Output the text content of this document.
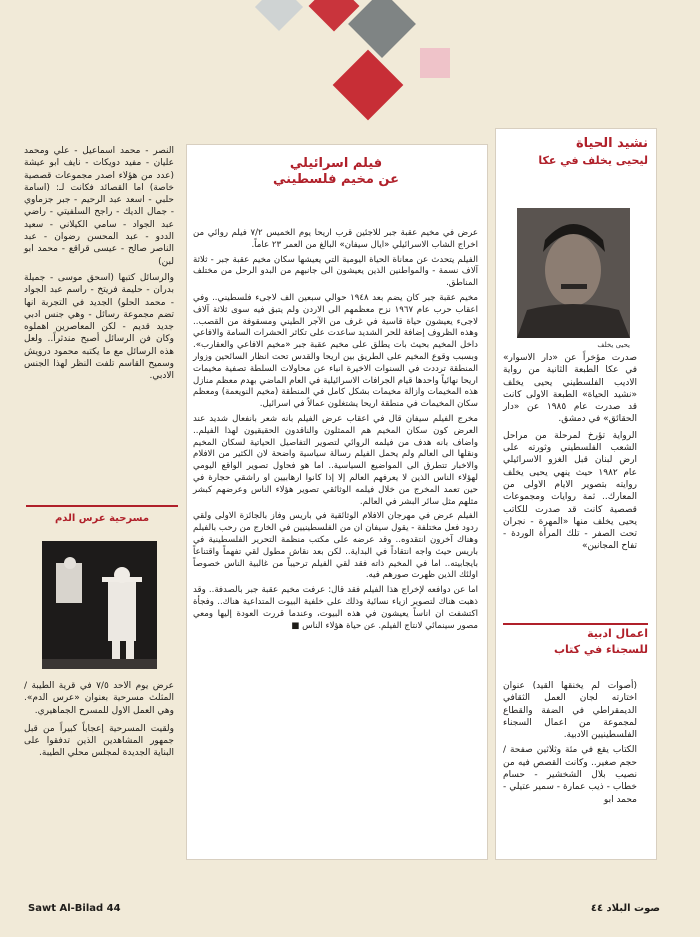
نشيد الحياة
ليحيى يخلف في عكا
يحيى يخلف

صدرت مؤخراً عن «دار الاسوار» في عكا الطبعة الثانية من رواية الاديب الفلسطيني يحيى يخلف «نشيد الحياة» الطبعة الاولى كانت قد صدرت عام ١٩٨٥ عن «دار الحقائق» في دمشق.

الرواية تؤرخ لمرحلة من مراحل الشعب الفلسطيني وثورته على ارض لبنان قبل الغزو الاسرائيلي عام ١٩٨٢ حيث ينهي يحيى يخلف روايته بتصوير الايام الاولى من المعارك.. ثمة روايات ومجموعات قصصية كانت قد صدرت للكاتب يحيى يخلف منها «المهرة - نجران تحت الصفر - تلك المرأة الوردة - تفاح المجانين»

اعمال ادبية
للسجناء في كتاب

(أصوات لم يخنقها القيد) عنوان اختارته لجان العمل الثقافي الديمقراطي في الضفة والقطاع لمجموعة من اعمال السجناء الفلسطينيين الادبية.

الكتاب يقع في مئة وثلاثين صفحة / حجم صغير.. وكانت القصص فيه من نصيب بلال الشخشير - حسام خطاب - ذيب عمارة - سمير عتيلي - محمد ابو

فيلم اسرائيلي
عن مخيم فلسطيني

عرض في مخيم عقبة جبر للاجئين قرب اريحا يوم الخميس ٧/٢ فيلم روائي من اخراج الشاب الاسرائيلي «ايال سيفان» البالغ من العمر ٢٣ عاماً.

الفيلم يتحدث عن معاناة الحياة اليومية التي يعيشها سكان مخيم عقبة جبر - ثلاثة آلاف نسمة - والمواطنين الذين يعيشون الى جانبهم من البدو الرحل من مختلف المناطق.

مخيم عقبة جبر كان يضم بعد ١٩٤٨ حوالي سبعين الف لاجىء فلسطيني.. وفي اعقاب حرب عام ١٩٦٧ نزح معظمهم الى الاردن ولم يتبق فيه سوى ثلاثة آلاف لاجىء يعيشون حياة قاسية في غرف من الآجر الطيني ومسقوفة من القصب.. وهذه الظروف إضافة للحر الشديد ساعدت على تكاثر الحشرات السامة والافاعي داخل المخيم بحيث بات يطلق على مخيم عقبة جبر «مخيم الافاعي والعقارب». وبسبب وقوع المخيم على الطريق بين اريحا والقدس تحت انظار السائحين وزوار المنطقة ترددت في السنوات الاخيرة انباء عن محاولات السلطة تصفية مخيمات اريحا نهائياً واحدها قيام الجرافات الاسرائيلية في العام الماضي بهدم معظم منازل هذه المخيمات وازالة مخيمات بشكل كامل في المنطقة (مخيم النويعمة) ومعظم سكان المخيمات في منطقة اريحا يشتغلون عمالاً في اسرائيل.

مخرج الفيلم سيفان قال في اعقاب عرض الفيلم بانه شعر بانفعال شديد عند العرض كون سكان المخيم هم الممثلون والناقدون الحقيقيون لهذا الفيلم.. واضاف بانه هدف من فيلمه الروائي لتصوير التفاصيل الحياتية لسكان المخيم ونقلها الى العالم ولم يحمل الفيلم رسالة سياسية واضحة لان الكثير من الافلام والاخبار تتطرق الى المواضيع السياسية.. اما هو فحاول تصوير الواقع اليومي لهؤلاء الناس الذين لا يعرفهم العالم إلا إذا كانوا ارهابيين او راشقي حجارة في حين تعمد المخرج من خلال فيلمه الوثائقي تصوير هؤلاء الناس وعرضهم كبشر مثلهم مثل سائر البشر في العالم.

الفيلم عرض في مهرجان الافلام الوثائقية في باريس وفاز بالجائزة الاولى ولقي ردود فعل مختلفة - يقول سيفان ان من الفلسطينيين في الخارج من رحب بالفيلم وهناك آخرون انتقدوه.. وقد عرضه على مكتب منظمة التحرير الفلسطينية في باريس حيث واجه انتقاداً في البداية.. لكن بعد نقاش مطول لقي تفهماً واقتناعاً بايجابيته.. اما في المخيم ذاته فقد لقي الفيلم ترحيباً من غالبية الناس خصوصاً اولئك الذين ظهرت صورهم فيه.

اما عن دوافعه لإخراج هذا الفيلم فقد قال: عرفت مخيم عقبة جبر بالصدفة.. وقد ذهبت هناك لتصوير ازياء نسائية وذلك على خلفية البيوت المتداعية هناك.. وفجأة اكتشفت ان اناساً يعيشون في هذه البيوت، وعندما قررت العودة إليها ومعي مصور سينمائي لانتاج الفيلم. عن حياة هؤلاء الناس ■

النصر - محمد اسماعيل - علي ومحمد عليان - مفيد دويكات - نايف ابو عيشة (عدد من هؤلاء اصدر مجموعات قصصية خاصة) اما القصائد فكانت لـ: (اسامة حلبي - اسعد عبد الرحيم - جبر جزماوي - جمال الديك - راجح السلفيتي - راضي عبد الجواد - سامي الكيلاني - سعيد الددو - عبد المحسن رضوان - عبد الناصر صالح - عيسى قراقع - محمد ابو لبن)

والرسائل كتبها (اسحق موسى - جميلة بدران - حليمة فريتخ - راسم عبد الجواد - محمد الحلو) الجديد في التجربة انها تضم مجموعة رسائل - وهي جنس ادبي جديد قديم - لكن المعاصرين اهملوه وكان فن الرسائل أصبح مندثراً.. ولعل هذه الرسائل مع ما يكتبه محمود درويش وسميح القاسم تلفت النظر لهذا الجنس الادبي.

مسرحية عرس الدم

عرض يوم الاحد ٧/٥ في قرية الطيبة / المثلث مسرحية بعنوان «عرس الدم». وهي العمل الاول للمسرح الجماهيري.

ولقيت المسرحية إعجاباً كبيراً من قبل جمهور المشاهدين الذين تدفقوا على البناية الجديدة لمجلس محلي الطيبة.

Sawt Al-Bilad 44	صوت البلاد ٤٤
